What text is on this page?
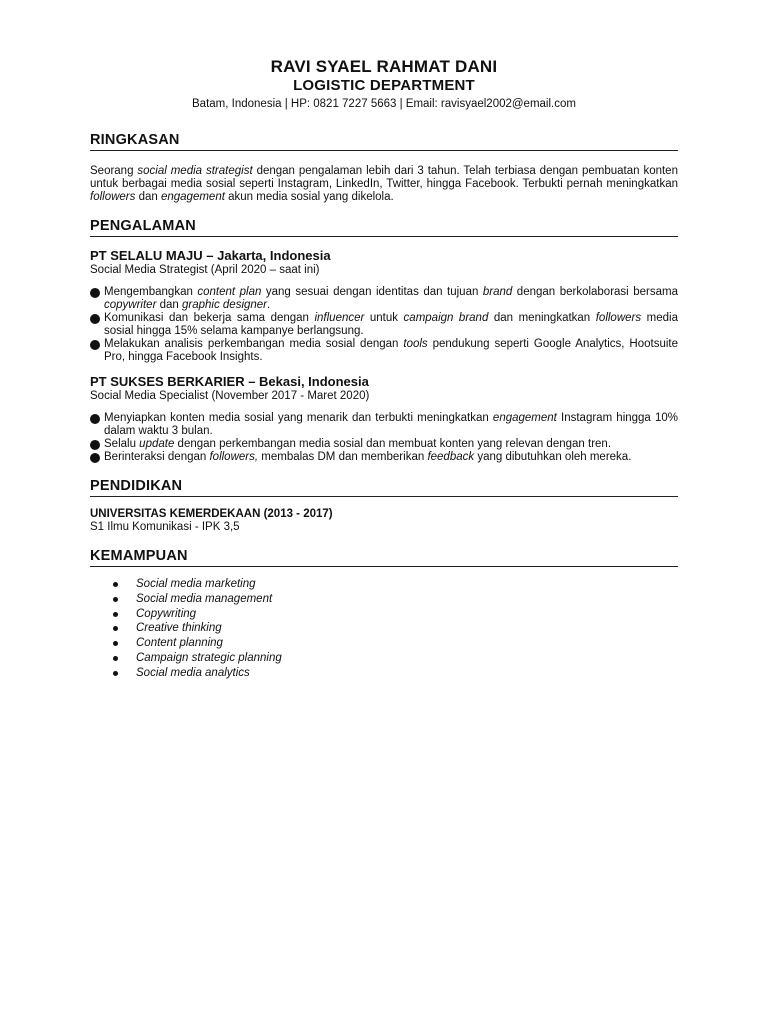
RAVI SYAEL RAHMAT DANI
LOGISTIC DEPARTMENT
Batam, Indonesia | HP: 0821 7227 5663 | Email: ravisyael2002@email.com
RINGKASAN
Seorang social media strategist dengan pengalaman lebih dari 3 tahun. Telah terbiasa dengan pembuatan konten untuk berbagai media sosial seperti Instagram, LinkedIn, Twitter, hingga Facebook. Terbukti pernah meningkatkan followers dan engagement akun media sosial yang dikelola.
PENGALAMAN
PT SELALU MAJU – Jakarta, Indonesia
Social Media Strategist (April 2020 – saat ini)
Mengembangkan content plan yang sesuai dengan identitas dan tujuan brand dengan berkolaborasi bersama copywriter dan graphic designer.
Komunikasi dan bekerja sama dengan influencer untuk campaign brand dan meningkatkan followers media sosial hingga 15% selama kampanye berlangsung.
Melakukan analisis perkembangan media sosial dengan tools pendukung seperti Google Analytics, Hootsuite Pro, hingga Facebook Insights.
PT SUKSES BERKARIER – Bekasi, Indonesia
Social Media Specialist (November 2017 - Maret 2020)
Menyiapkan konten media sosial yang menarik dan terbukti meningkatkan engagement Instagram hingga 10% dalam waktu 3 bulan.
Selalu update dengan perkembangan media sosial dan membuat konten yang relevan dengan tren.
Berinteraksi dengan followers, membalas DM dan memberikan feedback yang dibutuhkan oleh mereka.
PENDIDIKAN
UNIVERSITAS KEMERDEKAAN (2013 - 2017)
S1 Ilmu Komunikasi - IPK 3,5
KEMAMPUAN
Social media marketing
Social media management
Copywriting
Creative thinking
Content planning
Campaign strategic planning
Social media analytics
